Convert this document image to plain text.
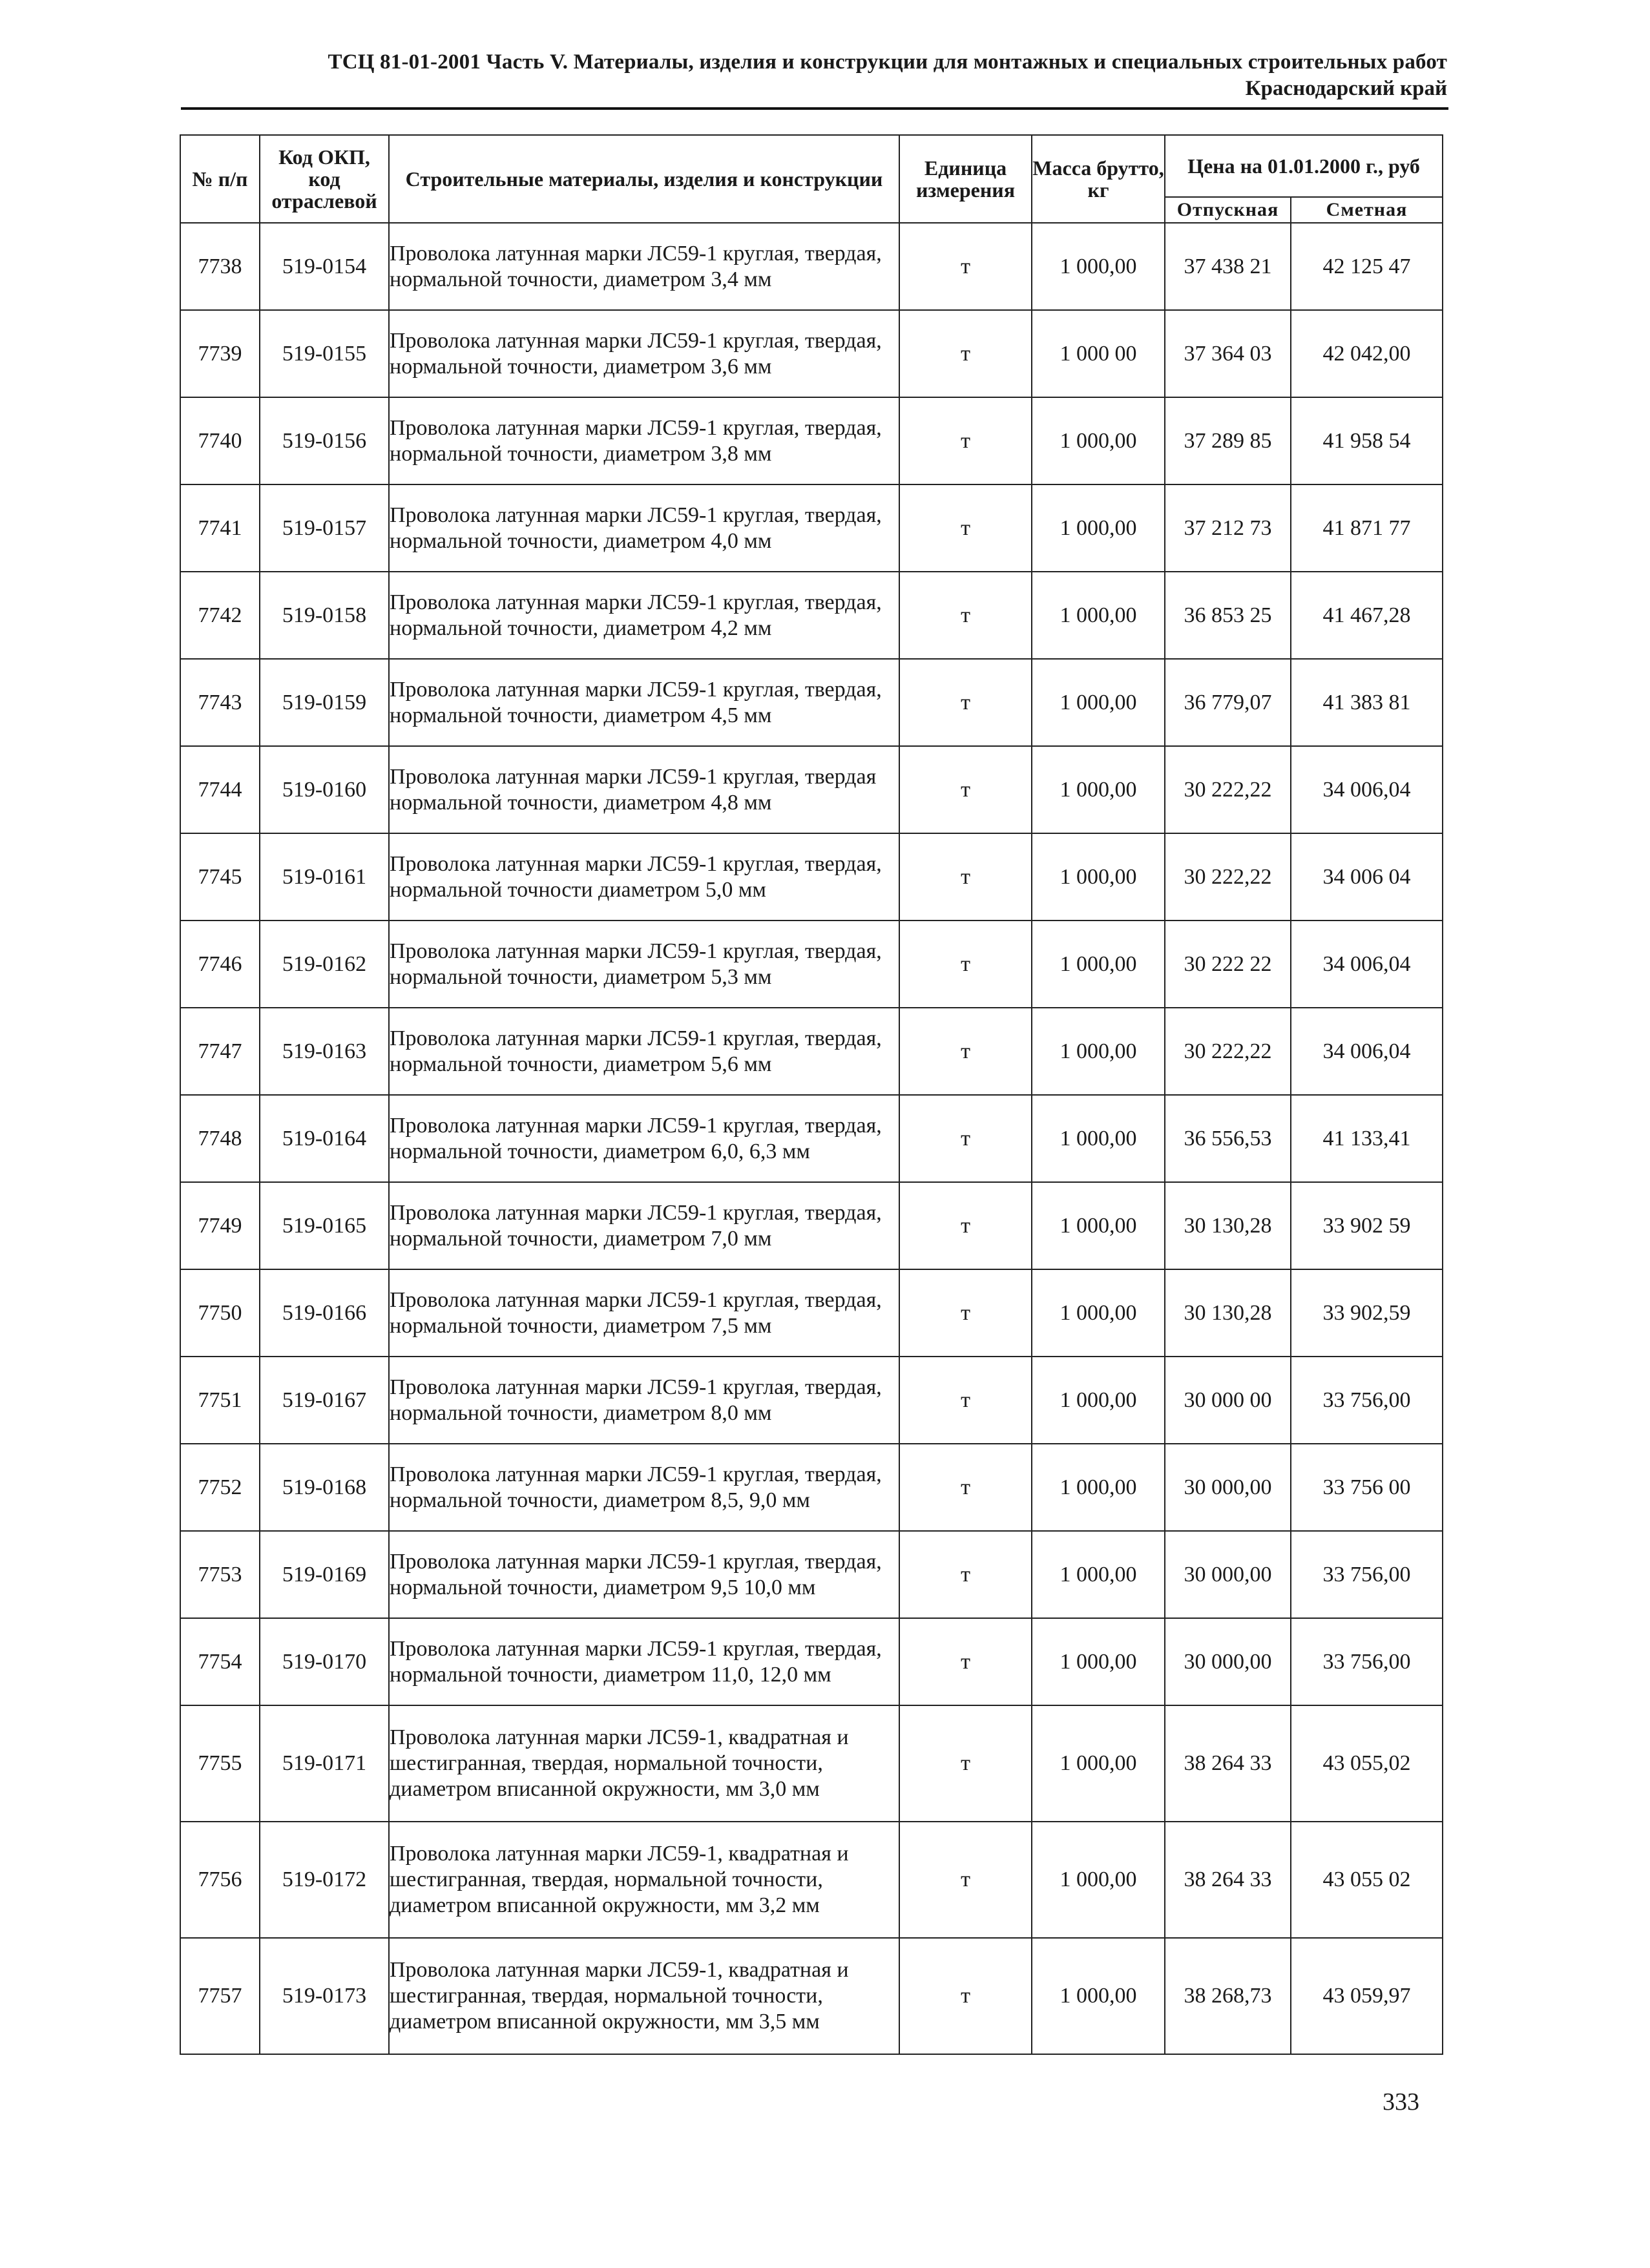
ТСЦ 81-01-2001 Часть V. Материалы, изделия и конструкции для монтажных и специальных строительных работ
Краснодарский край
№ п/п	Код ОКП, код отраслевой	Строительные материалы, изделия и конструкции	Единица измерения	Масса брутто, кг	Цена на 01.01.2000 г., руб	
					Отпускная	Сметная
7738	519-0154	Проволока латунная марки ЛС59-1 круглая, твердая, нормальной точности, диаметром 3,4 мм	т	1 000,00	37 438 21	42 125 47
7739	519-0155	Проволока латунная марки ЛС59-1 круглая, твердая, нормальной точности, диаметром 3,6 мм	т	1 000 00	37 364 03	42 042,00
7740	519-0156	Проволока латунная марки ЛС59-1 круглая, твердая, нормальной точности, диаметром 3,8 мм	т	1 000,00	37 289 85	41 958 54
7741	519-0157	Проволока латунная марки ЛС59-1 круглая, твердая, нормальной точности, диаметром 4,0 мм	т	1 000,00	37 212 73	41 871 77
7742	519-0158	Проволока латунная марки ЛС59-1 круглая, твердая, нормальной точности, диаметром 4,2 мм	т	1 000,00	36 853 25	41 467,28
7743	519-0159	Проволока латунная марки ЛС59-1 круглая, твердая, нормальной точности, диаметром 4,5 мм	т	1 000,00	36 779,07	41 383 81
7744	519-0160	Проволока латунная марки ЛС59-1 круглая, твердая нормальной точности, диаметром 4,8 мм	т	1 000,00	30 222,22	34 006,04
7745	519-0161	Проволока латунная марки ЛС59-1 круглая, твердая, нормальной точности диаметром 5,0 мм	т	1 000,00	30 222,22	34 006 04
7746	519-0162	Проволока латунная марки ЛС59-1 круглая, твердая, нормальной точности, диаметром 5,3 мм	т	1 000,00	30 222 22	34 006,04
7747	519-0163	Проволока латунная марки ЛС59-1 круглая, твердая, нормальной точности, диаметром 5,6 мм	т	1 000,00	30 222,22	34 006,04
7748	519-0164	Проволока латунная марки ЛС59-1 круглая, твердая, нормальной точности, диаметром 6,0, 6,3 мм	т	1 000,00	36 556,53	41 133,41
7749	519-0165	Проволока латунная марки ЛС59-1 круглая, твердая, нормальной точности, диаметром 7,0 мм	т	1 000,00	30 130,28	33 902 59
7750	519-0166	Проволока латунная марки ЛС59-1 круглая, твердая, нормальной точности, диаметром 7,5 мм	т	1 000,00	30 130,28	33 902,59
7751	519-0167	Проволока латунная марки ЛС59-1 круглая, твердая, нормальной точности, диаметром 8,0 мм	т	1 000,00	30 000 00	33 756,00
7752	519-0168	Проволока латунная марки ЛС59-1 круглая, твердая, нормальной точности, диаметром 8,5, 9,0 мм	т	1 000,00	30 000,00	33 756 00
7753	519-0169	Проволока латунная марки ЛС59-1 круглая, твердая, нормальной точности, диаметром 9,5 10,0 мм	т	1 000,00	30 000,00	33 756,00
7754	519-0170	Проволока латунная марки ЛС59-1 круглая, твердая, нормальной точности, диаметром 11,0, 12,0 мм	т	1 000,00	30 000,00	33 756,00
7755	519-0171	Проволока латунная марки ЛС59-1, квадратная и шестигранная, твердая, нормальной точности, диаметром вписанной окружности, мм 3,0 мм	т	1 000,00	38 264 33	43 055,02
7756	519-0172	Проволока латунная марки ЛС59-1, квадратная и шестигранная, твердая, нормальной точности, диаметром вписанной окружности, мм 3,2 мм	т	1 000,00	38 264 33	43 055 02
7757	519-0173	Проволока латунная марки ЛС59-1, квадратная и шестигранная, твердая, нормальной точности, диаметром вписанной окружности, мм 3,5 мм	т	1 000,00	38 268,73	43 059,97
333
